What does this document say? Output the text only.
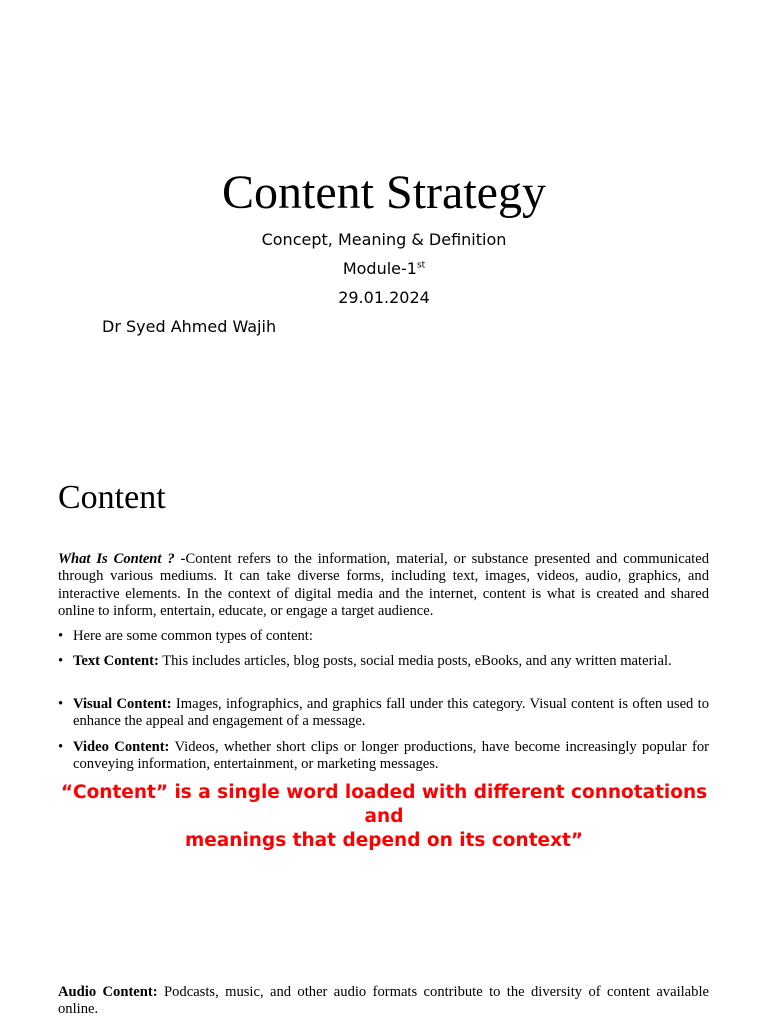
Content Strategy
Concept, Meaning & Definition
Module-1st
29.01.2024
Dr Syed Ahmed Wajih
Content

What Is Content ? -Content refers to the information, material, or substance presented and communicated through various mediums. It can take diverse forms, including text, images, videos, audio, graphics, and interactive elements. In the context of digital media and the internet, content is what is created and shared online to inform, entertain, educate, or engage a target audience.

• Here are some common types of content:
• Text Content: This includes articles, blog posts, social media posts, eBooks, and any written material.
• Visual Content: Images, infographics, and graphics fall under this category. Visual content is often used to enhance the appeal and engagement of a message.
• Video Content: Videos, whether short clips or longer productions, have become increasingly popular for conveying information, entertainment, or marketing messages.

“Content” is a single word loaded with different connotations and
meanings that depend on its context”

Audio Content: Podcasts, music, and other audio formats contribute to the diversity of content available online.
